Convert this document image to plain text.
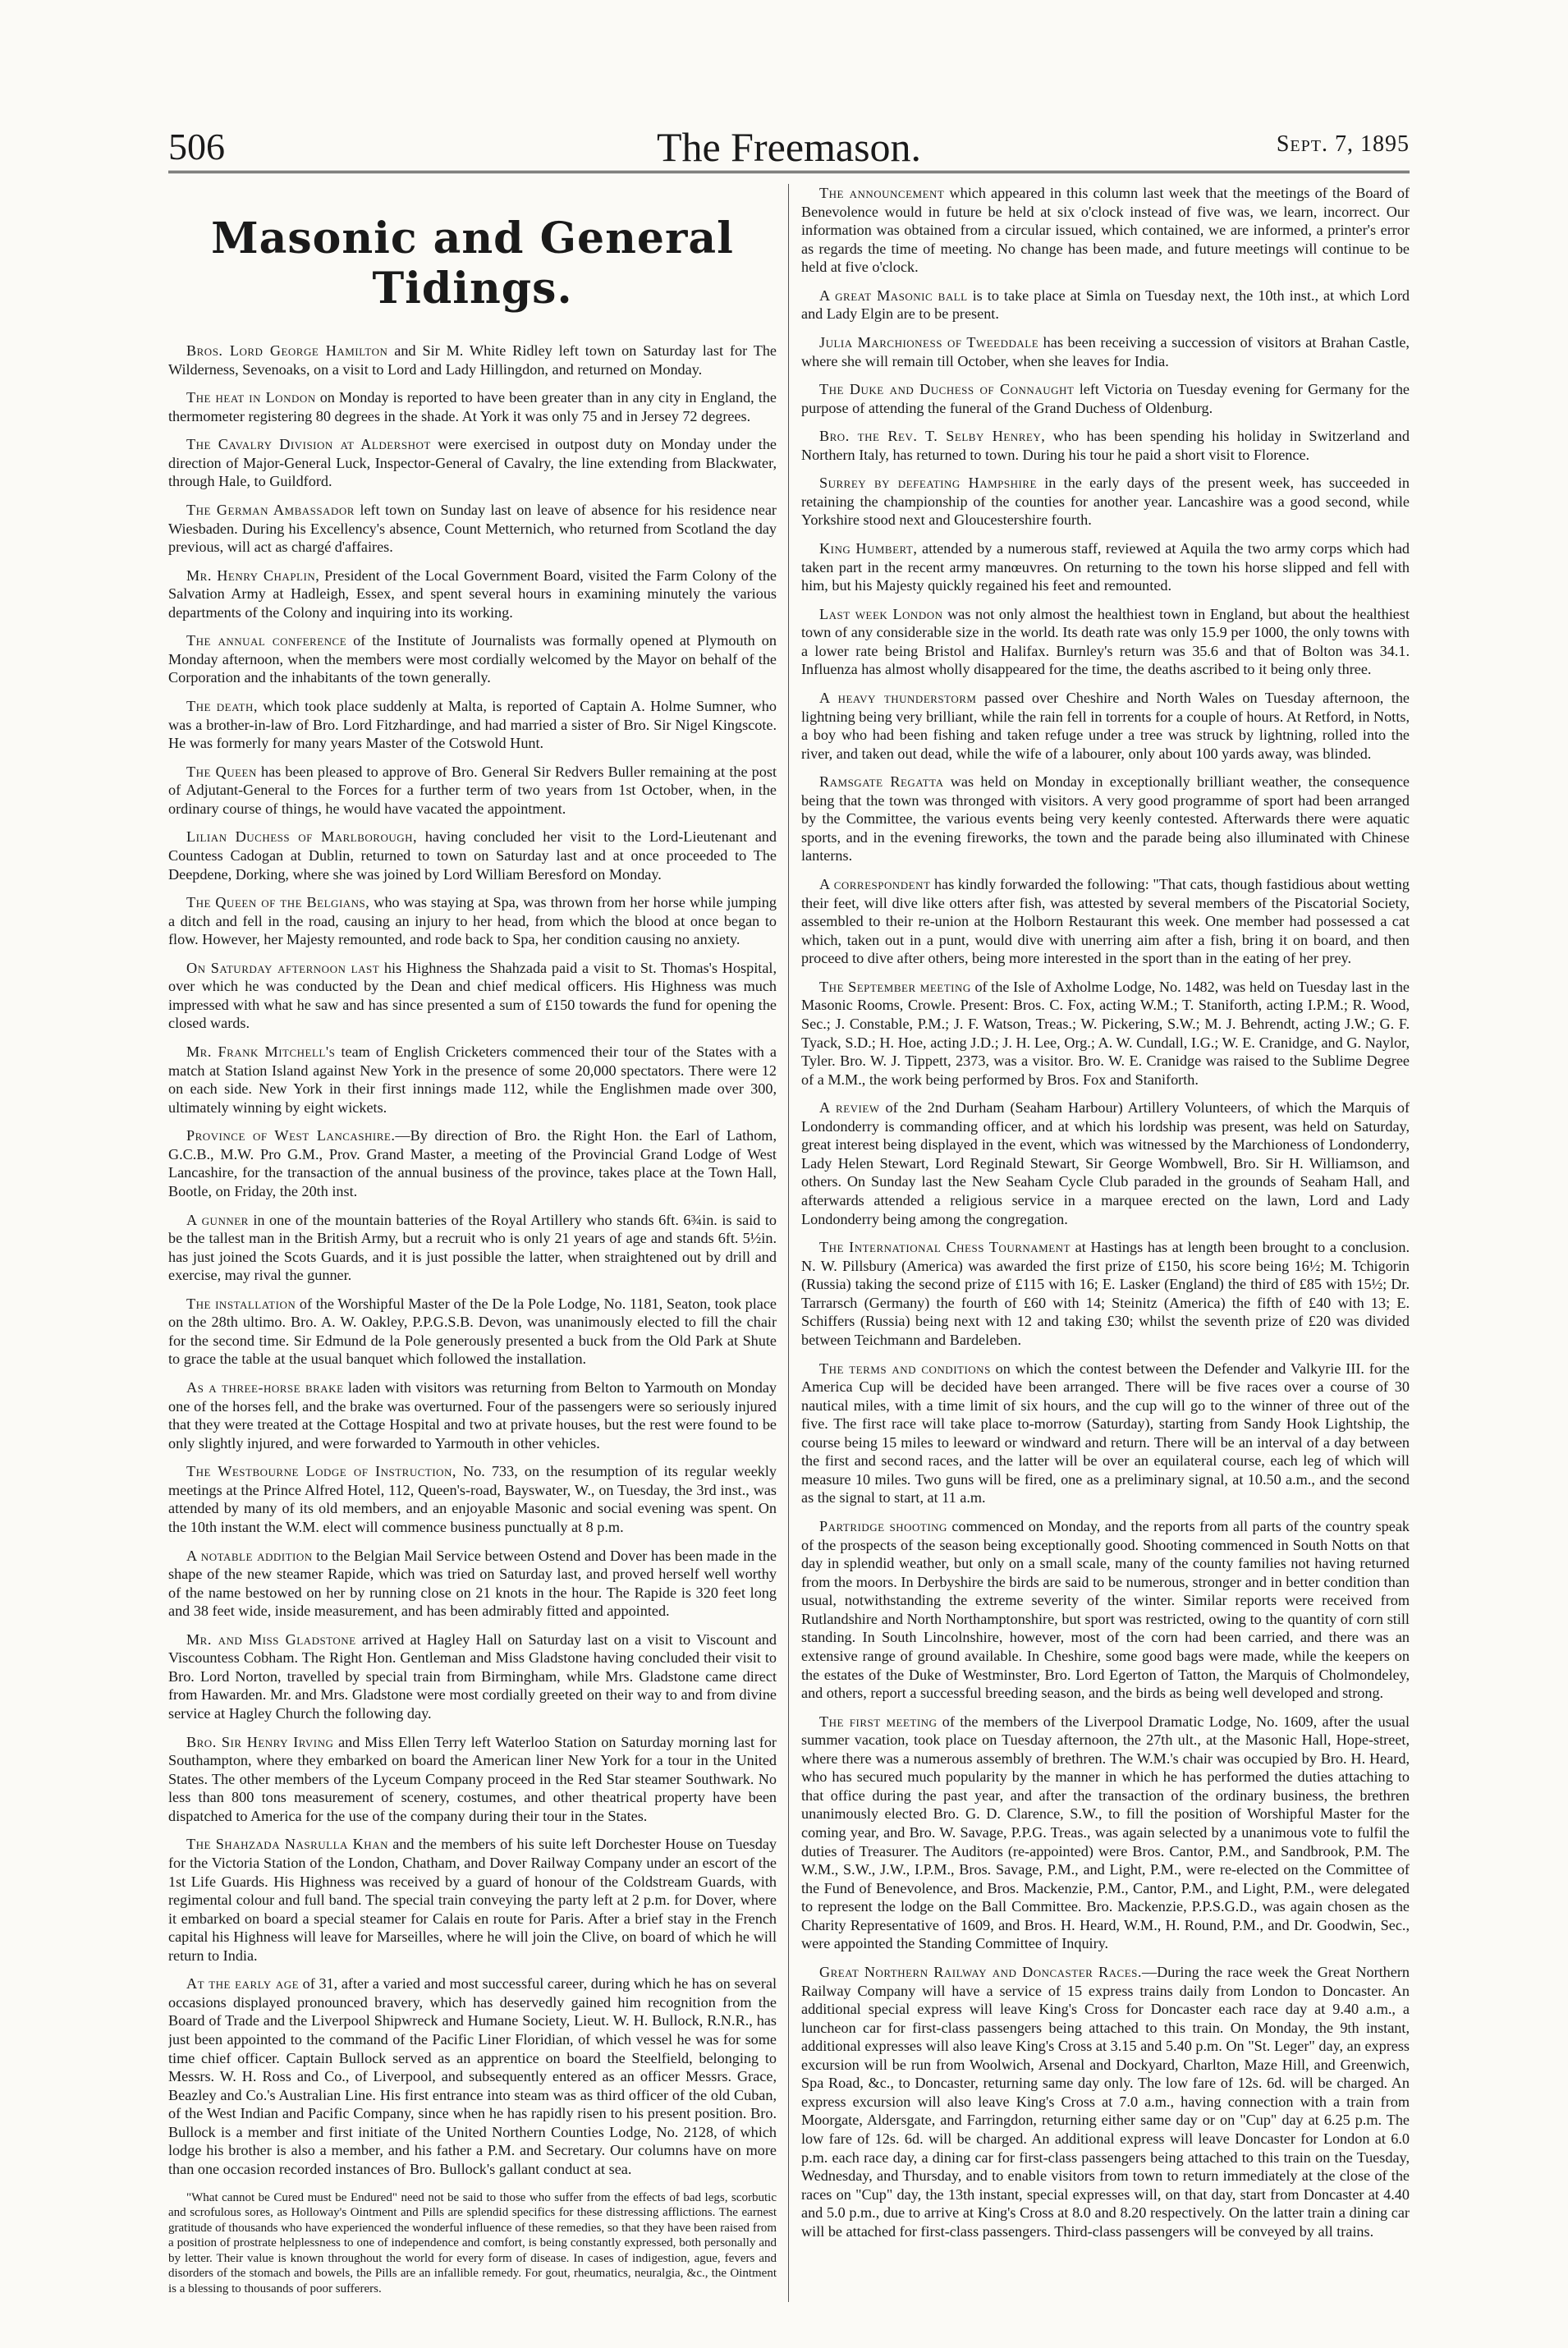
506	The Freemason.	Sept. 7, 1895
Masonic and General Tidings.

Bros. Lord George Hamilton and Sir M. White Ridley left town on Saturday last for The Wilderness, Sevenoaks, on a visit to Lord and Lady Hillingdon, and returned on Monday.

The heat in London on Monday is reported to have been greater than in any city in England, the thermometer registering 80 degrees in the shade. At York it was only 75 and in Jersey 72 degrees.

The Cavalry Division at Aldershot were exercised in outpost duty on Monday under the direction of Major-General Luck, Inspector-General of Cavalry, the line extending from Blackwater, through Hale, to Guildford.

The German Ambassador left town on Sunday last on leave of absence for his residence near Wiesbaden. During his Excellency's absence, Count Metternich, who returned from Scotland the day previous, will act as chargé d'affaires.

Mr. Henry Chaplin, President of the Local Government Board, visited the Farm Colony of the Salvation Army at Hadleigh, Essex, and spent several hours in examining minutely the various departments of the Colony and inquiring into its working.

The annual conference of the Institute of Journalists was formally opened at Plymouth on Monday afternoon, when the members were most cordially welcomed by the Mayor on behalf of the Corporation and the inhabitants of the town generally.

The death, which took place suddenly at Malta, is reported of Captain A. Holme Sumner, who was a brother-in-law of Bro. Lord Fitzhardinge, and had married a sister of Bro. Sir Nigel Kingscote. He was formerly for many years Master of the Cotswold Hunt.

The Queen has been pleased to approve of Bro. General Sir Redvers Buller remaining at the post of Adjutant-General to the Forces for a further term of two years from 1st October, when, in the ordinary course of things, he would have vacated the appointment.

Lilian Duchess of Marlborough, having concluded her visit to the Lord-Lieutenant and Countess Cadogan at Dublin, returned to town on Saturday last and at once proceeded to The Deepdene, Dorking, where she was joined by Lord William Beresford on Monday.

The Queen of the Belgians, who was staying at Spa, was thrown from her horse while jumping a ditch and fell in the road, causing an injury to her head, from which the blood at once began to flow. However, her Majesty remounted, and rode back to Spa, her condition causing no anxiety.

On Saturday afternoon last his Highness the Shahzada paid a visit to St. Thomas's Hospital, over which he was conducted by the Dean and chief medical officers. His Highness was much impressed with what he saw and has since presented a sum of £150 towards the fund for opening the closed wards.

Mr. Frank Mitchell's team of English Cricketers commenced their tour of the States with a match at Station Island against New York in the presence of some 20,000 spectators. There were 12 on each side. New York in their first innings made 112, while the Englishmen made over 300, ultimately winning by eight wickets.

Province of West Lancashire.—By direction of Bro. the Right Hon. the Earl of Lathom, G.C.B., M.W. Pro G.M., Prov. Grand Master, a meeting of the Provincial Grand Lodge of West Lancashire, for the transaction of the annual business of the province, takes place at the Town Hall, Bootle, on Friday, the 20th inst.

A gunner in one of the mountain batteries of the Royal Artillery who stands 6ft. 6¾in. is said to be the tallest man in the British Army, but a recruit who is only 21 years of age and stands 6ft. 5½in. has just joined the Scots Guards, and it is just possible the latter, when straightened out by drill and exercise, may rival the gunner.

The installation of the Worshipful Master of the De la Pole Lodge, No. 1181, Seaton, took place on the 28th ultimo. Bro. A. W. Oakley, P.P.G.S.B. Devon, was unanimously elected to fill the chair for the second time. Sir Edmund de la Pole generously presented a buck from the Old Park at Shute to grace the table at the usual banquet which followed the installation.

As a three-horse brake laden with visitors was returning from Belton to Yarmouth on Monday one of the horses fell, and the brake was overturned. Four of the passengers were so seriously injured that they were treated at the Cottage Hospital and two at private houses, but the rest were found to be only slightly injured, and were forwarded to Yarmouth in other vehicles.

The Westbourne Lodge of Instruction, No. 733, on the resumption of its regular weekly meetings at the Prince Alfred Hotel, 112, Queen's-road, Bayswater, W., on Tuesday, the 3rd inst., was attended by many of its old members, and an enjoyable Masonic and social evening was spent. On the 10th instant the W.M. elect will commence business punctually at 8 p.m.

A notable addition to the Belgian Mail Service between Ostend and Dover has been made in the shape of the new steamer Rapide, which was tried on Saturday last, and proved herself well worthy of the name bestowed on her by running close on 21 knots in the hour. The Rapide is 320 feet long and 38 feet wide, inside measurement, and has been admirably fitted and appointed.

Mr. and Miss Gladstone arrived at Hagley Hall on Saturday last on a visit to Viscount and Viscountess Cobham. The Right Hon. Gentleman and Miss Gladstone having concluded their visit to Bro. Lord Norton, travelled by special train from Birmingham, while Mrs. Gladstone came direct from Hawarden. Mr. and Mrs. Gladstone were most cordially greeted on their way to and from divine service at Hagley Church the following day.

Bro. Sir Henry Irving and Miss Ellen Terry left Waterloo Station on Saturday morning last for Southampton, where they embarked on board the American liner New York for a tour in the United States. The other members of the Lyceum Company proceed in the Red Star steamer Southwark. No less than 800 tons measurement of scenery, costumes, and other theatrical property have been dispatched to America for the use of the company during their tour in the States.

The Shahzada Nasrulla Khan and the members of his suite left Dorchester House on Tuesday for the Victoria Station of the London, Chatham, and Dover Railway Company under an escort of the 1st Life Guards. His Highness was received by a guard of honour of the Coldstream Guards, with regimental colour and full band. The special train conveying the party left at 2 p.m. for Dover, where it embarked on board a special steamer for Calais en route for Paris. After a brief stay in the French capital his Highness will leave for Marseilles, where he will join the Clive, on board of which he will return to India.

At the early age of 31, after a varied and most successful career, during which he has on several occasions displayed pronounced bravery, which has deservedly gained him recognition from the Board of Trade and the Liverpool Shipwreck and Humane Society, Lieut. W. H. Bullock, R.N.R., has just been appointed to the command of the Pacific Liner Floridian, of which vessel he was for some time chief officer. Captain Bullock served as an apprentice on board the Steelfield, belonging to Messrs. W. H. Ross and Co., of Liverpool, and subsequently entered as an officer Messrs. Grace, Beazley and Co.'s Australian Line. His first entrance into steam was as third officer of the old Cuban, of the West Indian and Pacific Company, since when he has rapidly risen to his present position. Bro. Bullock is a member and first initiate of the United Northern Counties Lodge, No. 2128, of which lodge his brother is also a member, and his father a P.M. and Secretary. Our columns have on more than one occasion recorded instances of Bro. Bullock's gallant conduct at sea.

"What cannot be Cured must be Endured" need not be said to those who suffer from the effects of bad legs, scorbutic and scrofulous sores, as Holloway's Ointment and Pills are splendid specifics for these distressing afflictions. The earnest gratitude of thousands who have experienced the wonderful influence of these remedies, so that they have been raised from a position of prostrate helplessness to one of independence and comfort, is being constantly expressed, both personally and by letter. Their value is known throughout the world for every form of disease. In cases of indigestion, ague, fevers and disorders of the stomach and bowels, the Pills are an infallible remedy. For gout, rheumatics, neuralgia, &c., the Ointment is a blessing to thousands of poor sufferers.

The announcement which appeared in this column last week that the meetings of the Board of Benevolence would in future be held at six o'clock instead of five was, we learn, incorrect. Our information was obtained from a circular issued, which contained, we are informed, a printer's error as regards the time of meeting. No change has been made, and future meetings will continue to be held at five o'clock.

A great Masonic ball is to take place at Simla on Tuesday next, the 10th inst., at which Lord and Lady Elgin are to be present.

Julia Marchioness of Tweeddale has been receiving a succession of visitors at Brahan Castle, where she will remain till October, when she leaves for India.

The Duke and Duchess of Connaught left Victoria on Tuesday evening for Germany for the purpose of attending the funeral of the Grand Duchess of Oldenburg.

Bro. the Rev. T. Selby Henrey, who has been spending his holiday in Switzerland and Northern Italy, has returned to town. During his tour he paid a short visit to Florence.

Surrey by defeating Hampshire in the early days of the present week, has succeeded in retaining the championship of the counties for another year. Lancashire was a good second, while Yorkshire stood next and Gloucestershire fourth.

King Humbert, attended by a numerous staff, reviewed at Aquila the two army corps which had taken part in the recent army manœuvres. On returning to the town his horse slipped and fell with him, but his Majesty quickly regained his feet and remounted.

Last week London was not only almost the healthiest town in England, but about the healthiest town of any considerable size in the world. Its death rate was only 15.9 per 1000, the only towns with a lower rate being Bristol and Halifax. Burnley's return was 35.6 and that of Bolton was 34.1. Influenza has almost wholly disappeared for the time, the deaths ascribed to it being only three.

A heavy thunderstorm passed over Cheshire and North Wales on Tuesday afternoon, the lightning being very brilliant, while the rain fell in torrents for a couple of hours. At Retford, in Notts, a boy who had been fishing and taken refuge under a tree was struck by lightning, rolled into the river, and taken out dead, while the wife of a labourer, only about 100 yards away, was blinded.

Ramsgate Regatta was held on Monday in exceptionally brilliant weather, the consequence being that the town was thronged with visitors. A very good programme of sport had been arranged by the Committee, the various events being very keenly contested. Afterwards there were aquatic sports, and in the evening fireworks, the town and the parade being also illuminated with Chinese lanterns.

A correspondent has kindly forwarded the following: "That cats, though fastidious about wetting their feet, will dive like otters after fish, was attested by several members of the Piscatorial Society, assembled to their re-union at the Holborn Restaurant this week. One member had possessed a cat which, taken out in a punt, would dive with unerring aim after a fish, bring it on board, and then proceed to dive after others, being more interested in the sport than in the eating of her prey.

The September meeting of the Isle of Axholme Lodge, No. 1482, was held on Tuesday last in the Masonic Rooms, Crowle. Present: Bros. C. Fox, acting W.M.; T. Staniforth, acting I.P.M.; R. Wood, Sec.; J. Constable, P.M.; J. F. Watson, Treas.; W. Pickering, S.W.; M. J. Behrendt, acting J.W.; G. F. Tyack, S.D.; H. Hoe, acting J.D.; J. H. Lee, Org.; A. W. Cundall, I.G.; W. E. Cranidge, and G. Naylor, Tyler. Bro. W. J. Tippett, 2373, was a visitor. Bro. W. E. Cranidge was raised to the Sublime Degree of a M.M., the work being performed by Bros. Fox and Staniforth.

A review of the 2nd Durham (Seaham Harbour) Artillery Volunteers, of which the Marquis of Londonderry is commanding officer, and at which his lordship was present, was held on Saturday, great interest being displayed in the event, which was witnessed by the Marchioness of Londonderry, Lady Helen Stewart, Lord Reginald Stewart, Sir George Wombwell, Bro. Sir H. Williamson, and others. On Sunday last the New Seaham Cycle Club paraded in the grounds of Seaham Hall, and afterwards attended a religious service in a marquee erected on the lawn, Lord and Lady Londonderry being among the congregation.

The International Chess Tournament at Hastings has at length been brought to a conclusion. N. W. Pillsbury (America) was awarded the first prize of £150, his score being 16½; M. Tchigorin (Russia) taking the second prize of £115 with 16; E. Lasker (England) the third of £85 with 15½; Dr. Tarrarsch (Germany) the fourth of £60 with 14; Steinitz (America) the fifth of £40 with 13; E. Schiffers (Russia) being next with 12 and taking £30; whilst the seventh prize of £20 was divided between Teichmann and Bardeleben.

The terms and conditions on which the contest between the Defender and Valkyrie III. for the America Cup will be decided have been arranged. There will be five races over a course of 30 nautical miles, with a time limit of six hours, and the cup will go to the winner of three out of the five. The first race will take place to-morrow (Saturday), starting from Sandy Hook Lightship, the course being 15 miles to leeward or windward and return. There will be an interval of a day between the first and second races, and the latter will be over an equilateral course, each leg of which will measure 10 miles. Two guns will be fired, one as a preliminary signal, at 10.50 a.m., and the second as the signal to start, at 11 a.m.

Partridge shooting commenced on Monday, and the reports from all parts of the country speak of the prospects of the season being exceptionally good. Shooting commenced in South Notts on that day in splendid weather, but only on a small scale, many of the county families not having returned from the moors. In Derbyshire the birds are said to be numerous, stronger and in better condition than usual, notwithstanding the extreme severity of the winter. Similar reports were received from Rutlandshire and North Northamptonshire, but sport was restricted, owing to the quantity of corn still standing. In South Lincolnshire, however, most of the corn had been carried, and there was an extensive range of ground available. In Cheshire, some good bags were made, while the keepers on the estates of the Duke of Westminster, Bro. Lord Egerton of Tatton, the Marquis of Cholmondeley, and others, report a successful breeding season, and the birds as being well developed and strong.

The first meeting of the members of the Liverpool Dramatic Lodge, No. 1609, after the usual summer vacation, took place on Tuesday afternoon, the 27th ult., at the Masonic Hall, Hope-street, where there was a numerous assembly of brethren. The W.M.'s chair was occupied by Bro. H. Heard, who has secured much popularity by the manner in which he has performed the duties attaching to that office during the past year, and after the transaction of the ordinary business, the brethren unanimously elected Bro. G. D. Clarence, S.W., to fill the position of Worshipful Master for the coming year, and Bro. W. Savage, P.P.G. Treas., was again selected by a unanimous vote to fulfil the duties of Treasurer. The Auditors (re-appointed) were Bros. Cantor, P.M., and Sandbrook, P.M. The W.M., S.W., J.W., I.P.M., Bros. Savage, P.M., and Light, P.M., were re-elected on the Committee of the Fund of Benevolence, and Bros. Mackenzie, P.M., Cantor, P.M., and Light, P.M., were delegated to represent the lodge on the Ball Committee. Bro. Mackenzie, P.P.S.G.D., was again chosen as the Charity Representative of 1609, and Bros. H. Heard, W.M., H. Round, P.M., and Dr. Goodwin, Sec., were appointed the Standing Committee of Inquiry.

Great Northern Railway and Doncaster Races.—During the race week the Great Northern Railway Company will have a service of 15 express trains daily from London to Doncaster. An additional special express will leave King's Cross for Doncaster each race day at 9.40 a.m., a luncheon car for first-class passengers being attached to this train. On Monday, the 9th instant, additional expresses will also leave King's Cross at 3.15 and 5.40 p.m. On "St. Leger" day, an express excursion will be run from Woolwich, Arsenal and Dockyard, Charlton, Maze Hill, and Greenwich, Spa Road, &c., to Doncaster, returning same day only. The low fare of 12s. 6d. will be charged. An express excursion will also leave King's Cross at 7.0 a.m., having connection with a train from Moorgate, Aldersgate, and Farringdon, returning either same day or on "Cup" day at 6.25 p.m. The low fare of 12s. 6d. will be charged. An additional express will leave Doncaster for London at 6.0 p.m. each race day, a dining car for first-class passengers being attached to this train on the Tuesday, Wednesday, and Thursday, and to enable visitors from town to return immediately at the close of the races on "Cup" day, the 13th instant, special expresses will, on that day, start from Doncaster at 4.40 and 5.0 p.m., due to arrive at King's Cross at 8.0 and 8.20 respectively. On the latter train a dining car will be attached for first-class passengers. Third-class passengers will be conveyed by all trains.
